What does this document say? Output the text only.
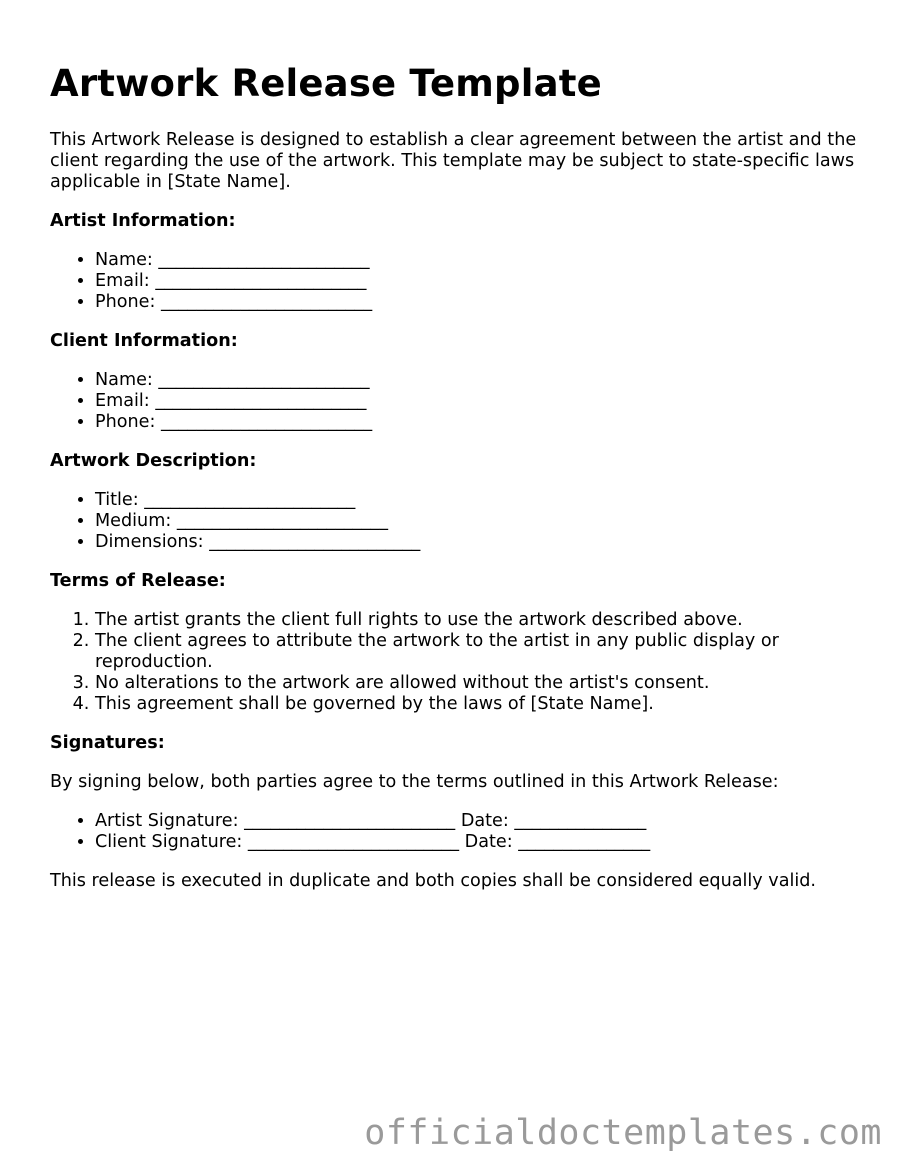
Artwork Release Template

This Artwork Release is designed to establish a clear agreement between the artist and the client regarding the use of the artwork. This template may be subject to state-specific laws applicable in [State Name].

Artist Information:
• Name: ________________________
• Email: ________________________
• Phone: ________________________
Client Information:
• Name: ________________________
• Email: ________________________
• Phone: ________________________
Artwork Description:
• Title: ________________________
• Medium: ________________________
• Dimensions: ________________________
Terms of Release:
1. The artist grants the client full rights to use the artwork described above.
2. The client agrees to attribute the artwork to the artist in any public display or reproduction.
3. No alterations to the artwork are allowed without the artist's consent.
4. This agreement shall be governed by the laws of [State Name].
Signatures:

By signing below, both parties agree to the terms outlined in this Artwork Release:

• Artist Signature: ________________________ Date: _______________
• Client Signature: ________________________ Date: _______________

This release is executed in duplicate and both copies shall be considered equally valid.

officialdoctemplates.com
